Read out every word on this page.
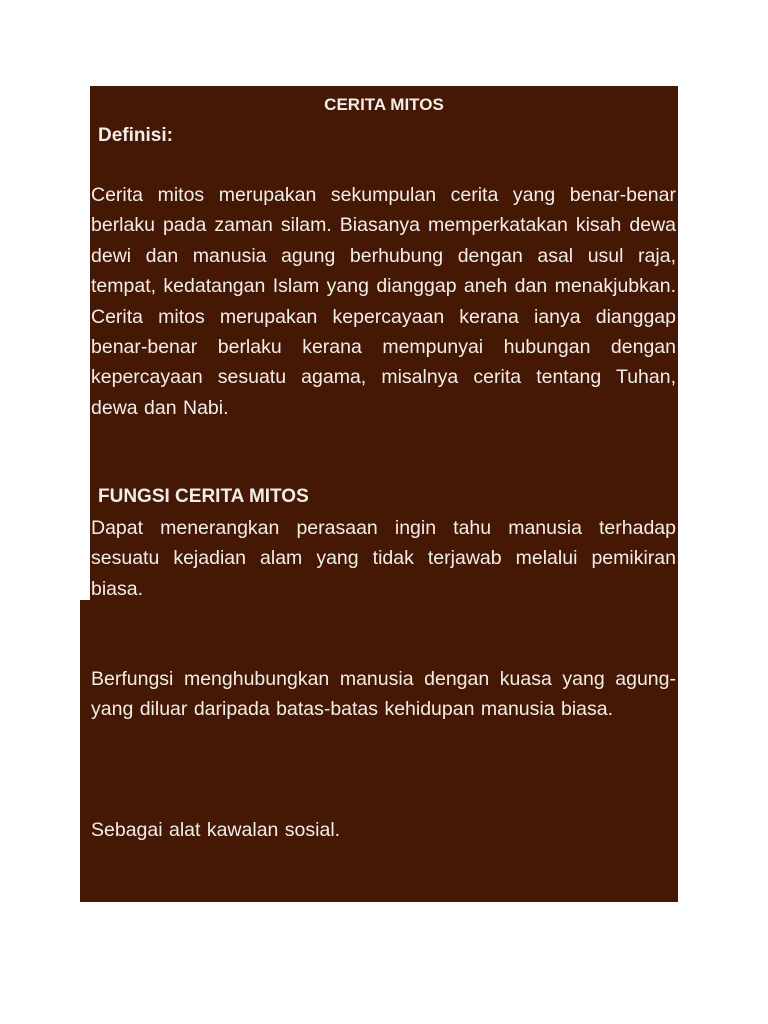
CERITA MITOS
Definisi:
Cerita mitos merupakan sekumpulan cerita yang benar-benar berlaku pada zaman silam. Biasanya memperkatakan kisah dewa dewi dan manusia agung berhubung dengan asal usul raja, tempat, kedatangan Islam yang dianggap aneh dan menakjubkan. Cerita mitos merupakan kepercayaan kerana ianya dianggap benar-benar berlaku kerana mempunyai hubungan dengan kepercayaan sesuatu agama, misalnya cerita tentang Tuhan, dewa dan Nabi.
FUNGSI CERITA MITOS
Dapat menerangkan perasaan ingin tahu manusia terhadap sesuatu kejadian alam yang tidak terjawab melalui pemikiran biasa.
Berfungsi menghubungkan manusia dengan kuasa yang agung- yang diluar daripada batas-batas kehidupan manusia biasa.
Sebagai alat kawalan sosial.
